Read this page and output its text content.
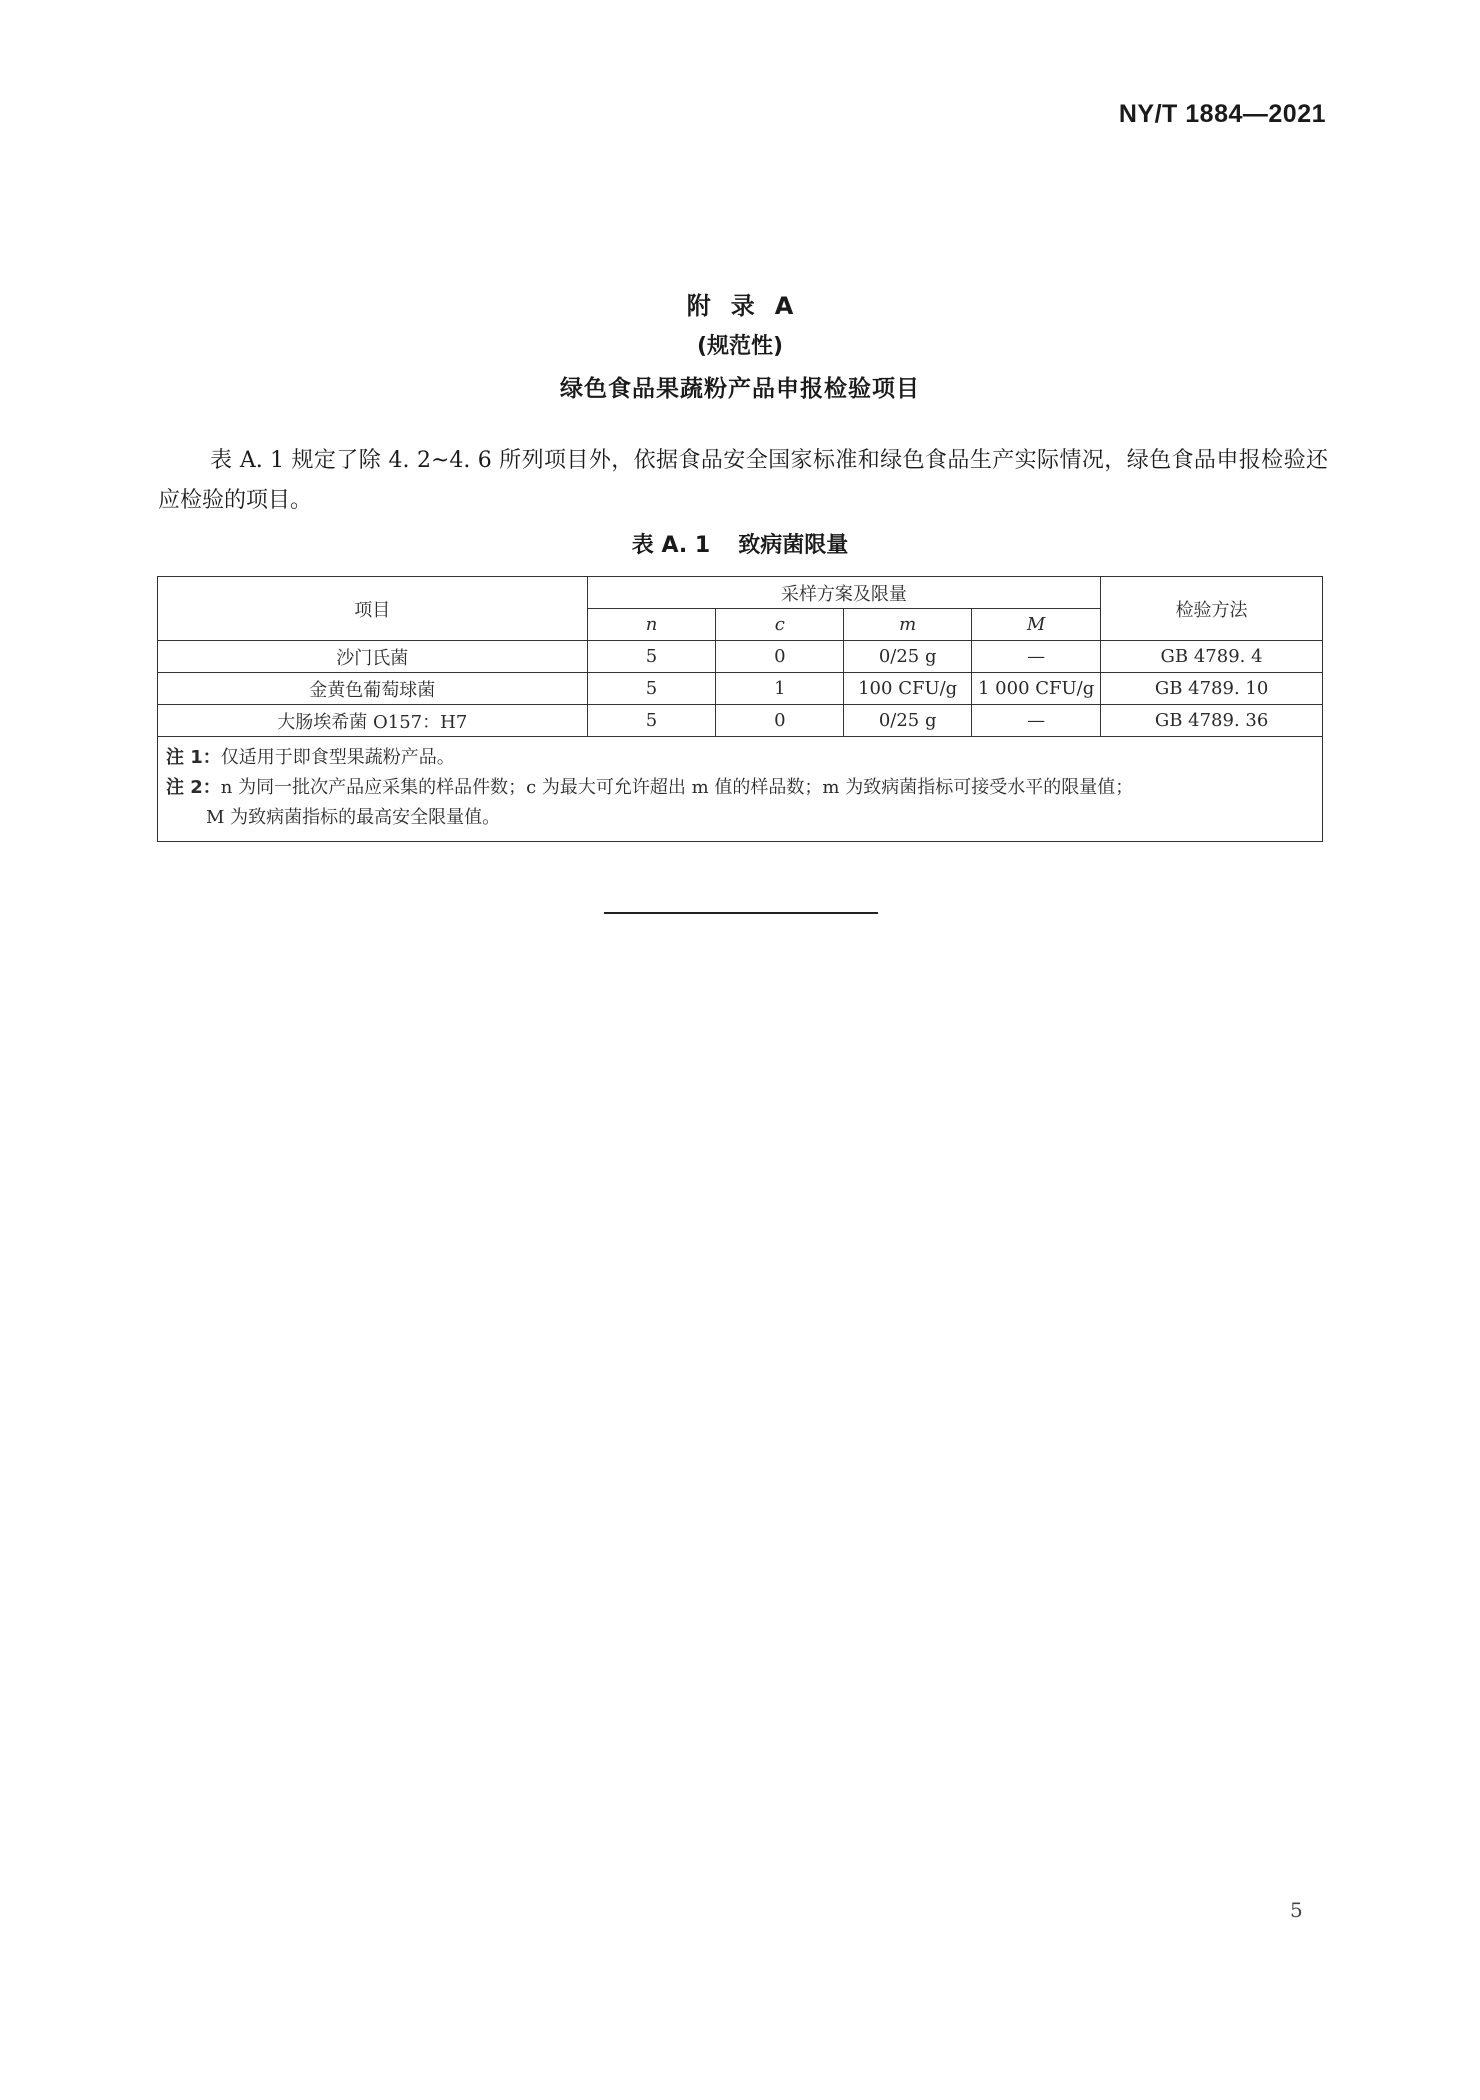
NY/T 1884—2021
附 录 A
(规范性)
绿色食品果蔬粉产品申报检验项目

表 A. 1 规定了除 4. 2~4. 6 所列项目外，依据食品安全国家标准和绿色食品生产实际情况，绿色食品申报检验还应检验的项目。

表 A. 1 致病菌限量
项目	采样方案及限量				检验方法
	n	c	m	M	
沙门氏菌	5	0	0/25 g	—	GB 4789. 4
金黄色葡萄球菌	5	1	100 CFU/g	1 000 CFU/g	GB 4789. 10
大肠埃希菌 O157：H7	5	0	0/25 g	—	GB 4789. 36

注 1：仅适用于即食型果蔬粉产品。
注 2：n 为同一批次产品应采集的样品件数；c 为最大可允许超出 m 值的样品数；m 为致病菌指标可接受水平的限量值；
M 为致病菌指标的最高安全限量值。					
5
